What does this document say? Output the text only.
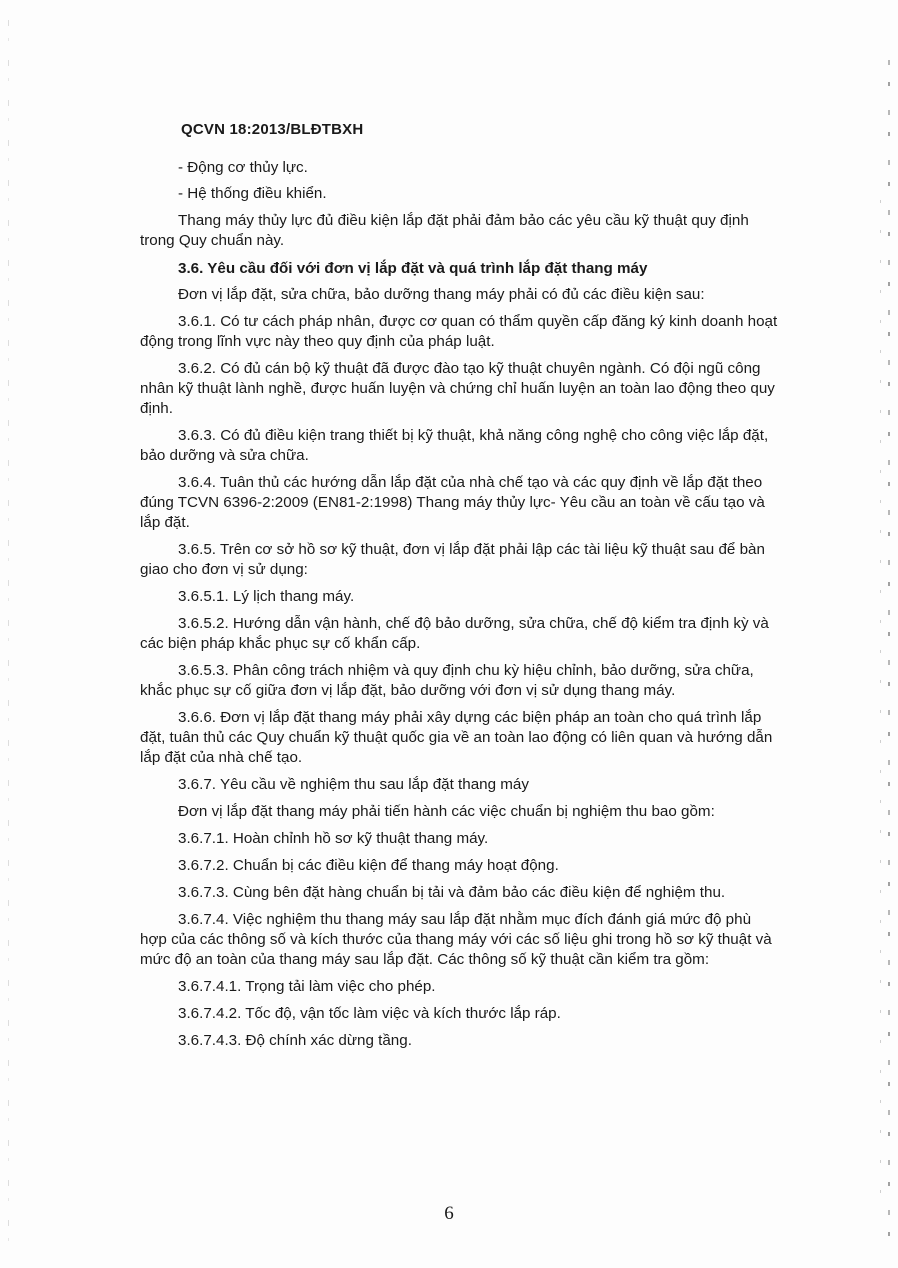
QCVN 18:2013/BLĐTBXH

- Động cơ thủy lực.

- Hệ thống điều khiển.

Thang máy thủy lực đủ điều kiện lắp đặt phải đảm bảo các yêu cầu kỹ thuật quy định trong Quy chuẩn này.

3.6. Yêu cầu đối với đơn vị lắp đặt và quá trình lắp đặt thang máy

Đơn vị lắp đặt, sửa chữa, bảo dưỡng thang máy phải có đủ các điều kiện sau:

3.6.1. Có tư cách pháp nhân, được cơ quan có thẩm quyền cấp đăng ký kinh doanh hoạt động trong lĩnh vực này theo quy định của pháp luật.

3.6.2. Có đủ cán bộ kỹ thuật đã được đào tạo kỹ thuật chuyên ngành. Có đội ngũ công nhân kỹ thuật lành nghề, được huấn luyện và chứng chỉ huấn luyện an toàn lao động theo quy định.

3.6.3. Có đủ điều kiện trang thiết bị kỹ thuật, khả năng công nghệ cho công việc lắp đặt, bảo dưỡng và sửa chữa.

3.6.4. Tuân thủ các hướng dẫn lắp đặt của nhà chế tạo và các quy định về lắp đặt theo đúng TCVN 6396-2:2009 (EN81-2:1998) Thang máy thủy lực- Yêu cầu an toàn về cấu tạo và lắp đặt.

3.6.5. Trên cơ sở hồ sơ kỹ thuật, đơn vị lắp đặt phải lập các tài liệu kỹ thuật sau để bàn giao cho đơn vị sử dụng:

3.6.5.1. Lý lịch thang máy.

3.6.5.2. Hướng dẫn vận hành, chế độ bảo dưỡng, sửa chữa, chế độ kiểm tra định kỳ và các biện pháp khắc phục sự cố khẩn cấp.

3.6.5.3. Phân công trách nhiệm và quy định chu kỳ hiệu chỉnh, bảo dưỡng, sửa chữa, khắc phục sự cố giữa đơn vị lắp đặt, bảo dưỡng với đơn vị sử dụng thang máy.

3.6.6. Đơn vị lắp đặt thang máy phải xây dựng các biện pháp an toàn cho quá trình lắp đặt, tuân thủ các Quy chuẩn kỹ thuật quốc gia về an toàn lao động có liên quan và hướng dẫn lắp đặt của nhà chế tạo.

3.6.7. Yêu cầu về nghiệm thu sau lắp đặt thang máy

Đơn vị lắp đặt thang máy phải tiến hành các việc chuẩn bị nghiệm thu bao gồm:

3.6.7.1. Hoàn chỉnh hồ sơ kỹ thuật thang máy.

3.6.7.2. Chuẩn bị các điều kiện để thang máy hoạt động.

3.6.7.3. Cùng bên đặt hàng chuẩn bị tải và đảm bảo các điều kiện để nghiệm thu.

3.6.7.4. Việc nghiệm thu thang máy sau lắp đặt nhằm mục đích đánh giá mức độ phù hợp của các thông số và kích thước của thang máy với các số liệu ghi trong hồ sơ kỹ thuật và mức độ an toàn của thang máy sau lắp đặt. Các thông số kỹ thuật cần kiểm tra gồm:

3.6.7.4.1. Trọng tải làm việc cho phép.

3.6.7.4.2. Tốc độ, vận tốc làm việc và kích thước lắp ráp.

3.6.7.4.3. Độ chính xác dừng tầng.

6
